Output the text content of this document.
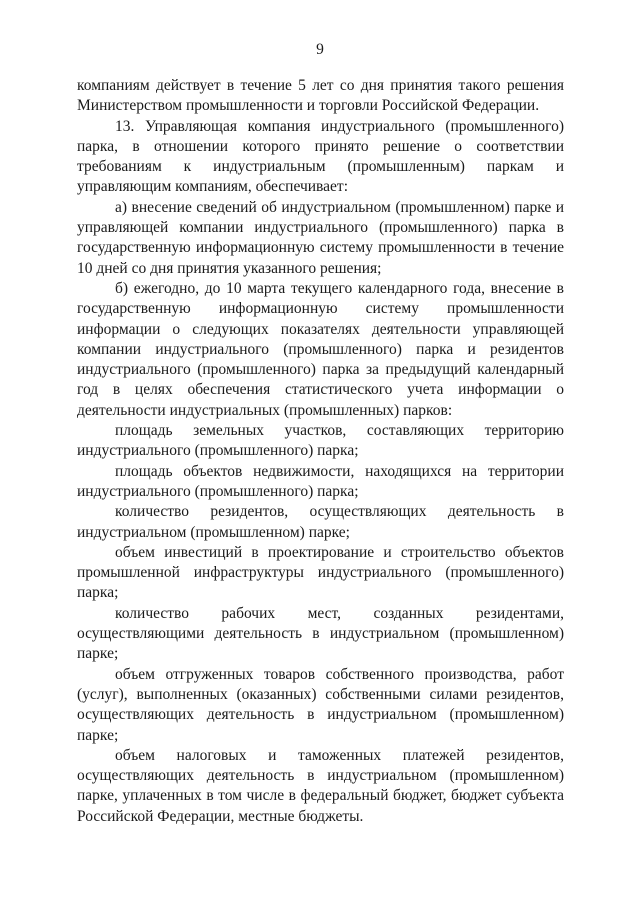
9

компаниям действует в течение 5 лет со дня принятия такого решения Министерством промышленности и торговли Российской Федерации.

13. Управляющая компания индустриального (промышленного) парка, в отношении которого принято решение о соответствии требованиям к индустриальным (промышленным) паркам и управляющим компаниям, обеспечивает:

а) внесение сведений об индустриальном (промышленном) парке и управляющей компании индустриального (промышленного) парка в государственную информационную систему промышленности в течение 10 дней со дня принятия указанного решения;

б) ежегодно, до 10 марта текущего календарного года, внесение в государственную информационную систему промышленности информации о следующих показателях деятельности управляющей компании индустриального (промышленного) парка и резидентов индустриального (промышленного) парка за предыдущий календарный год в целях обеспечения статистического учета информации о деятельности индустриальных (промышленных) парков:

площадь земельных участков, составляющих территорию индустриального (промышленного) парка;

площадь объектов недвижимости, находящихся на территории индустриального (промышленного) парка;

количество резидентов, осуществляющих деятельность в индустриальном (промышленном) парке;

объем инвестиций в проектирование и строительство объектов промышленной инфраструктуры индустриального (промышленного) парка;

количество рабочих мест, созданных резидентами, осуществляющими деятельность в индустриальном (промышленном) парке;

объем отгруженных товаров собственного производства, работ (услуг), выполненных (оказанных) собственными силами резидентов, осуществляющих деятельность в индустриальном (промышленном) парке;

объем налоговых и таможенных платежей резидентов, осуществляющих деятельность в индустриальном (промышленном) парке, уплаченных в том числе в федеральный бюджет, бюджет субъекта Российской Федерации, местные бюджеты.
